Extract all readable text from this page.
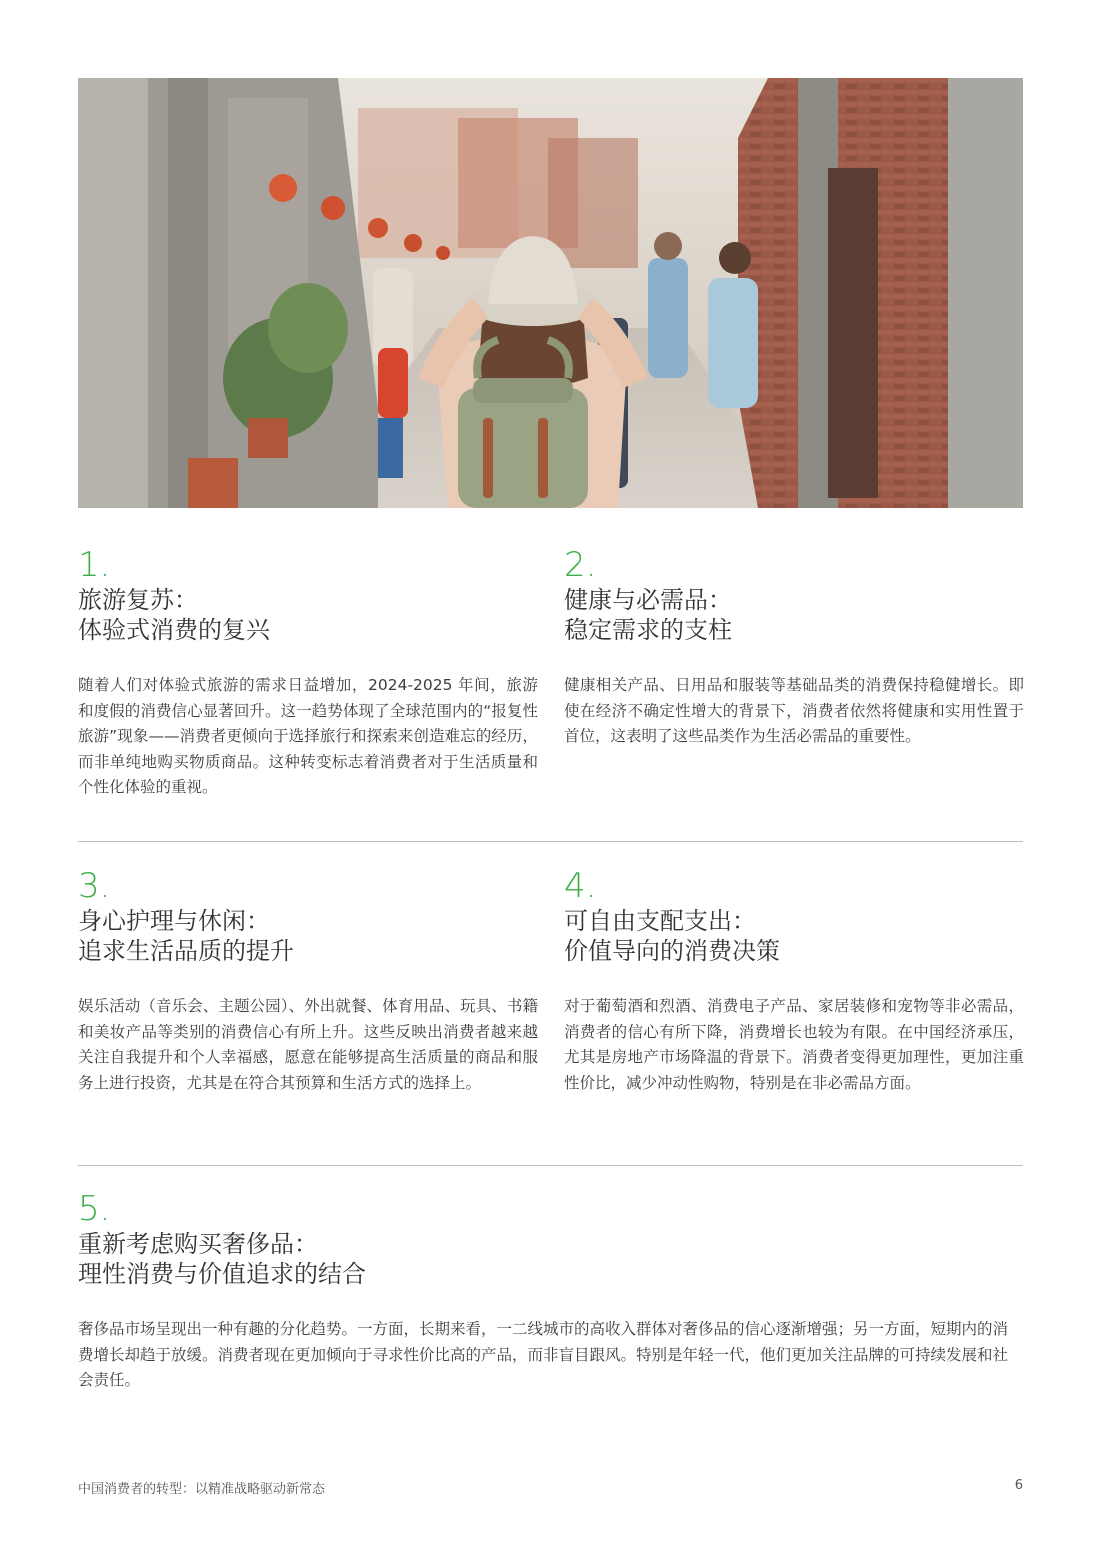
1.

旅游复苏：

体验式消费的复兴

随着人们对体验式旅游的需求日益增加，2024-2025 年间，旅游和度假的消费信心显著回升。这一趋势体现了全球范围内的“报复性旅游”现象——消费者更倾向于选择旅行和探索来创造难忘的经历，而非单纯地购买物质商品。这种转变标志着消费者对于生活质量和个性化体验的重视。

2.

健康与必需品：

稳定需求的支柱

健康相关产品、日用品和服装等基础品类的消费保持稳健增长。即使在经济不确定性增大的背景下，消费者依然将健康和实用性置于首位，这表明了这些品类作为生活必需品的重要性。

3.

身心护理与休闲：

追求生活品质的提升

娱乐活动（音乐会、主题公园）、外出就餐、体育用品、玩具、书籍和美妆产品等类别的消费信心有所上升。这些反映出消费者越来越关注自我提升和个人幸福感，愿意在能够提高生活质量的商品和服务上进行投资，尤其是在符合其预算和生活方式的选择上。

4.

可自由支配支出：

价值导向的消费决策

对于葡萄酒和烈酒、消费电子产品、家居装修和宠物等非必需品，消费者的信心有所下降，消费增长也较为有限。在中国经济承压，尤其是房地产市场降温的背景下。消费者变得更加理性，更加注重性价比，减少冲动性购物，特别是在非必需品方面。

5.

重新考虑购买奢侈品：

理性消费与价值追求的结合

奢侈品市场呈现出一种有趣的分化趋势。一方面，长期来看，一二线城市的高收入群体对奢侈品的信心逐渐增强；另一方面，短期内的消费增长却趋于放缓。消费者现在更加倾向于寻求性价比高的产品，而非盲目跟风。特别是年轻一代，他们更加关注品牌的可持续发展和社会责任。
中国消费者的转型：以精准战略驱动新常态	6
